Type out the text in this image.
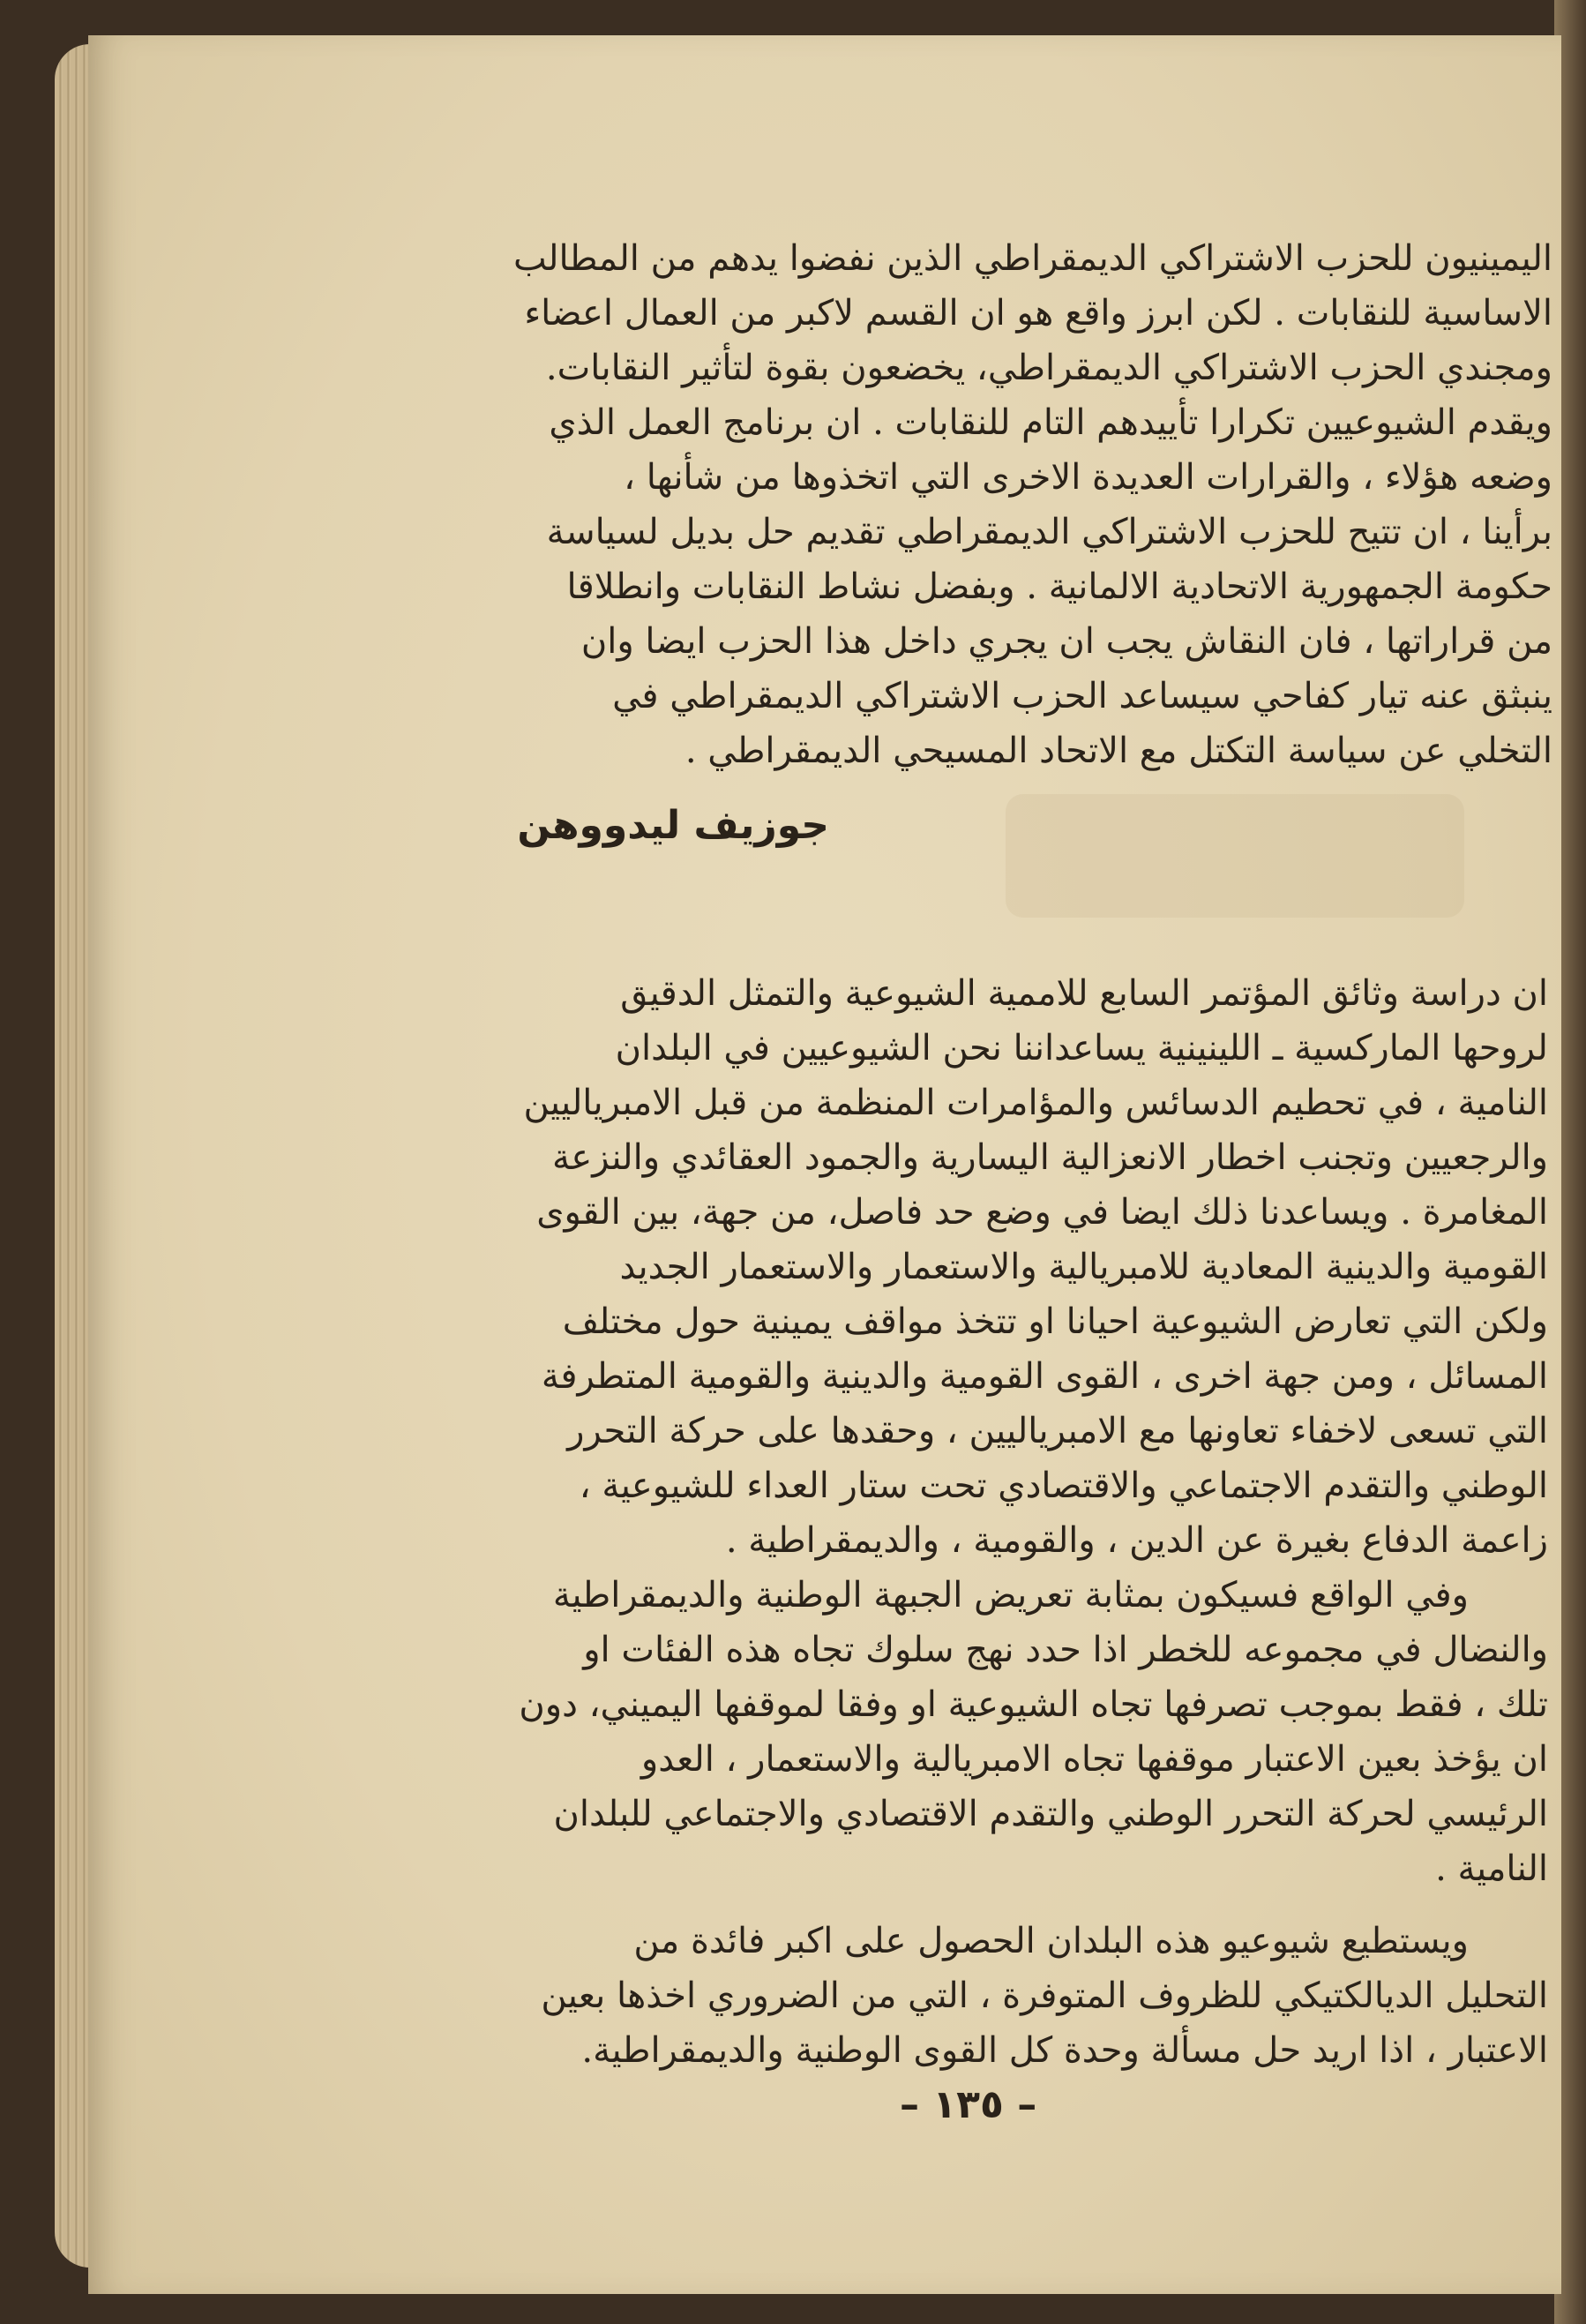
اليمينيون للحزب الاشتراكي الديمقراطي الذين نفضوا يدهم من المطالب
الاساسية للنقابات . لكن ابرز واقع هو ان القسم لاكبر من العمال اعضاء
ومجندي الحزب الاشتراكي الديمقراطي، يخضعون بقوة لتأثير النقابات.
ويقدم الشيوعيين تكرارا تأييدهم التام للنقابات . ان برنامج العمل الذي
وضعه هؤلاء ، والقرارات العديدة الاخرى التي اتخذوها من شأنها ،
برأينا ، ان تتيح للحزب الاشتراكي الديمقراطي تقديم حل بديل لسياسة
حكومة الجمهورية الاتحادية الالمانية . وبفضل نشاط النقابات وانطلاقا
من قراراتها ، فان النقاش يجب ان يجري داخل هذا الحزب ايضا وان
ينبثق عنه تيار كفاحي سيساعد الحزب الاشتراكي الديمقراطي في
التخلي عن سياسة التكتل مع الاتحاد المسيحي الديمقراطي .
جوزيف ليدووهن
ان دراسة وثائق المؤتمر السابع للاممية الشيوعية والتمثل الدقيق
لروحها الماركسية ـ اللينينية يساعداننا نحن الشيوعيين في البلدان
النامية ، في تحطيم الدسائس والمؤامرات المنظمة من قبل الامبرياليين
والرجعيين وتجنب اخطار الانعزالية اليسارية والجمود العقائدي والنزعة
المغامرة . ويساعدنا ذلك ايضا في وضع حد فاصل، من جهة، بين القوى
القومية والدينية المعادية للامبريالية والاستعمار والاستعمار الجديد
ولكن التي تعارض الشيوعية احيانا او تتخذ مواقف يمينية حول مختلف
المسائل ، ومن جهة اخرى ، القوى القومية والدينية والقومية المتطرفة
التي تسعى لاخفاء تعاونها مع الامبرياليين ، وحقدها على حركة التحرر
الوطني والتقدم الاجتماعي والاقتصادي تحت ستار العداء للشيوعية ،
زاعمة الدفاع بغيرة عن الدين ، والقومية ، والديمقراطية .
وفي الواقع فسيكون بمثابة تعريض الجبهة الوطنية والديمقراطية
والنضال في مجموعه للخطر اذا حدد نهج سلوك تجاه هذه الفئات او
تلك ، فقط بموجب تصرفها تجاه الشيوعية او وفقا لموقفها اليميني، دون
ان يؤخذ بعين الاعتبار موقفها تجاه الامبريالية والاستعمار ، العدو
الرئيسي لحركة التحرر الوطني والتقدم الاقتصادي والاجتماعي للبلدان
النامية .
ويستطيع شيوعيو هذه البلدان الحصول على اكبر فائدة من
التحليل الديالكتيكي للظروف المتوفرة ، التي من الضروري اخذها بعين
الاعتبار ، اذا اريد حل مسألة وحدة كل القوى الوطنية والديمقراطية.
– ١٣٥ –
